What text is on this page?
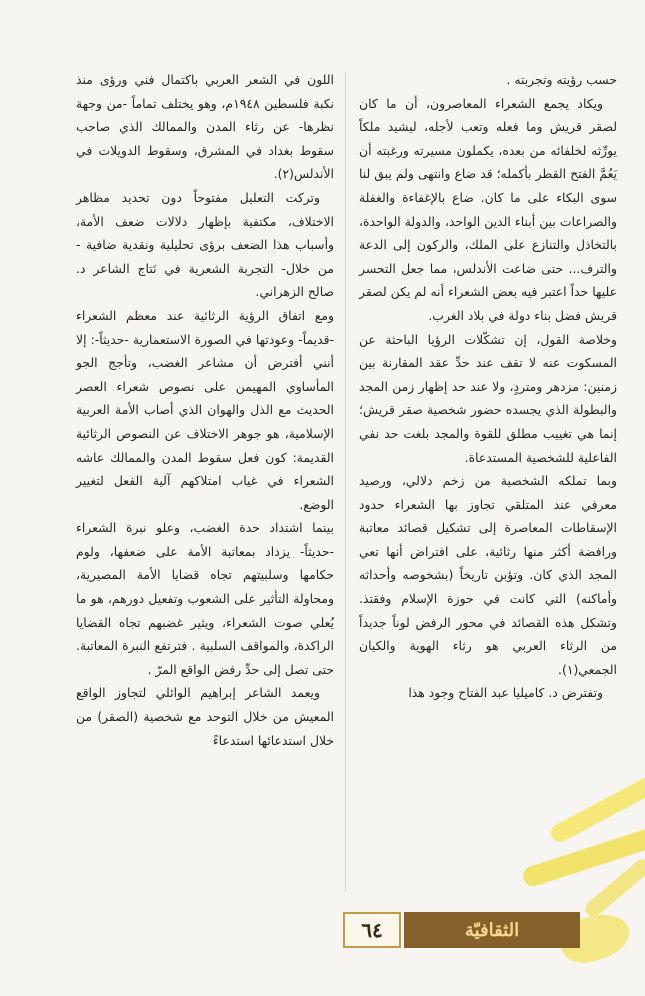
حسب رؤيته وتجربته .

ويكاد يجمع الشعراء المعاصرون، أن ما كان لصقر قريش وما فعله وتعب لأجله، ليشيد ملكاً يورِّثه لخلفائه من بعده، يكملون مسيرته ورغبته أن يَعُمَّ الفتح القطر بأكمله؛ قد ضاع وانتهى ولم يبق لنا سوى البكاء على ما كان. ضاع بالإغفاءة والغفلة والصراعات بين أبناء الدين الواحد، والدولة الواحدة، بالتخاذل والتنازع على الملك، والركون إلى الدعة والترف... حتى ضاعت الأندلس، مما جعل التحسر عليها حداً اعتبر فيه بعض الشعراء أنه لم يكن لصقر قريش فضل بناء دولة في بلاد الغرب.

وخلاصة القول، إن تشكّلات الرؤيا الباحثة عن المسكوت عنه لا تقف عند حدِّ عقد المقارنة بين زمنين: مزدهر ومتردٍ، ولا عند حد إظهار زمن المجد والبطولة الذي يجسده حضور شخصية صقر قريش؛ إنما هي تغييب مطلق للقوة والمجد بلغت حد نفي الفاعلية للشخصية المستدعاة.

وبما تملكه الشخصية من زخم دلالي، ورصيد معرفي عند المتلقي تجاوز بها الشعراء حدود الإسقاطات المعاصرة إلى تشكيل قصائد معاتبة ورافضة أكثر منها رثائية، على افتراض أنها تعي المجد الذي كان. وتؤبن تاريخاً (بشخوصه وأحداثه وأماكنه) التي كانت في حوزة الإسلام وفقتذ. وتشكل هذه القصائد في محور الرفض لوناً جديداً من الرثاء العربي هو رثاء الهوية والكيان الجمعي(١).

وتفترض د. كاميليا عبد الفتاح وجود هذا

اللون في الشعر العربي باكتمال فني ورؤى منذ نكبة فلسطين ١٩٤٨م، وهو يختلف تماماً -من وجهة نظرها- عن رثاء المدن والممالك الذي صاحب سقوط بغداد في المشرق، وسقوط الدويلات في الأندلس(٢).

وتركت التعليل مفتوحاً دون تحديد مظاهر الاختلاف، مكتفية بإظهار دلالات ضعف الأمة، وأسباب هذا الضعف برؤى تحليلية ونقدية ضافية - من خلال- التجربة الشعرية في نَتاج الشاعر د. صالح الزهراني.

ومع اتفاق الرؤية الرثائية عند معظم الشعراء -قديماً- وعودتها في الصورة الاستعمارية -حديثاً-: إلا أنني أفترض أن مشاعر الغضب، وتأجج الجو المأساوي المهيمن على نصوص شعراء العصر الحديث مع الذل والهوان الذي أصاب الأمة العربية الإسلامية، هو جوهر الاختلاف عن النصوص الرثائية القديمة: كون فعل سقوط المدن والممالك عاشه الشعراء في غياب امتلاكهم آلية الفعل لتغيير الوضع.

بينما اشتداد حدة الغضب، وعلو نبرة الشعراء -حديثاً- يزداد بمعاتبة الأمة على ضعفها، ولوم حكامها وسلبيتهم تجاه قضايا الأمة المصيرية، ومحاولة التأثير على الشعوب وتفعيل دورهم، هو ما يُعلي صوت الشعراء، ويثير غضبهم تجاه القضايا الراكدة، والمواقف السلبية . فترتفع النبرة المعاتبة. حتى تصل إلى حدِّ رفض الواقع المرّ .

ويعمد الشاعر إبراهيم الوائلي لتجاوز الواقع المعيش من خلال التوحد مع شخصية (الصقر) من خلال استدعائها استدعاءً

الثقافيّة
٦٤
